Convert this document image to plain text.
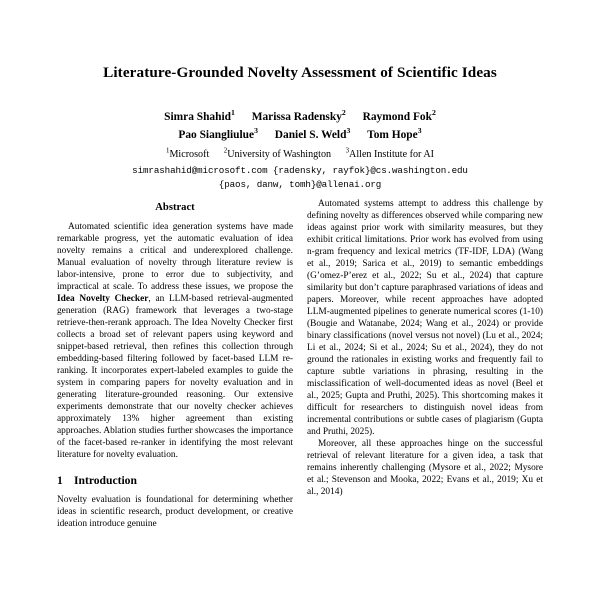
Literature-Grounded Novelty Assessment of Scientific Ideas
Simra Shahid$^1$ Marissa Radensky$^2$ Raymond Fok$^2$
Pao Siangliulue$^3$ Daniel S. Weld$^3$ Tom Hope$^3$
$^1$Microsoft $^2$University of Washington $^3$Allen Institute for AI
simrashahid@microsoft.com {radensky, rayfok}@cs.washington.edu
{paos, danw, tomh}@allenai.org
Abstract

Automated scientific idea generation systems have made remarkable progress, yet the automatic evaluation of idea novelty remains a critical and underexplored challenge. Manual evaluation of novelty through literature review is labor-intensive, prone to error due to subjectivity, and impractical at scale. To address these issues, we propose the Idea Novelty Checker, an LLM-based retrieval-augmented generation (RAG) framework that leverages a two-stage retrieve-then-rerank approach. The Idea Novelty Checker first collects a broad set of relevant papers using keyword and snippet-based retrieval, then refines this collection through embedding-based filtering followed by facet-based LLM re-ranking. It incorporates expert-labeled examples to guide the system in comparing papers for novelty evaluation and in generating literature-grounded reasoning. Our extensive experiments demonstrate that our novelty checker achieves approximately 13% higher agreement than existing approaches. Ablation studies further showcases the importance of the facet-based re-ranker in identifying the most relevant literature for novelty evaluation.

1 Introduction

Novelty evaluation is foundational for determining whether ideas in scientific research, product development, or creative ideation introduce genuine

Automated systems attempt to address this challenge by defining novelty as differences observed while comparing new ideas against prior work with similarity measures, but they exhibit critical limitations. Prior work has evolved from using n-gram frequency and lexical metrics (TF-IDF, LDA) (Wang et al., 2019; Sarica et al., 2019) to semantic embeddings (G’omez-P’erez et al., 2022; Su et al., 2024) that capture similarity but don’t capture paraphrased variations of ideas and papers. Moreover, while recent approaches have adopted LLM-augmented pipelines to generate numerical scores (1-10) (Bougie and Watanabe, 2024; Wang et al., 2024) or provide binary classifications (novel versus not novel) (Lu et al., 2024; Li et al., 2024; Si et al., 2024; Su et al., 2024), they do not ground the rationales in existing works and frequently fail to capture subtle variations in phrasing, resulting in the misclassification of well-documented ideas as novel (Beel et al., 2025; Gupta and Pruthi, 2025). This shortcoming makes it difficult for researchers to distinguish novel ideas from incremental contributions or subtle cases of plagiarism (Gupta and Pruthi, 2025).

Moreover, all these approaches hinge on the successful retrieval of relevant literature for a given idea, a task that remains inherently challenging (Mysore et al., 2022; Mysore et al.; Stevenson and Mooka, 2022; Evans et al., 2019; Xu et al., 2014)
